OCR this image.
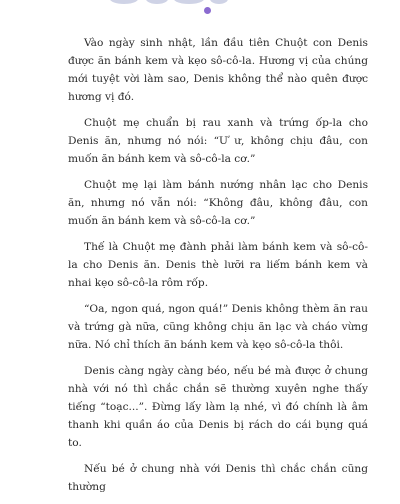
Vào ngày sinh nhật, lần đầu tiên Chuột con Denis được ăn bánh kem và kẹo sô-cô-la. Hương vị của chúng mới tuyệt vời làm sao, Denis không thể nào quên được hương vị đó.

Chuột mẹ chuẩn bị rau xanh và trứng ốp-la cho Denis ăn, nhưng nó nói: “Ư ư, không chịu đâu, con muốn ăn bánh kem và sô-cô-la cơ.”

Chuột mẹ lại làm bánh nướng nhân lạc cho Denis ăn, nhưng nó vẫn nói: “Không đâu, không đâu, con muốn ăn bánh kem và sô-cô-la cơ.”

Thế là Chuột mẹ đành phải làm bánh kem và sô-cô-la cho Denis ăn. Denis thè lưỡi ra liếm bánh kem và nhai kẹo sô-cô-la rôm rốp.

“Oa, ngon quá, ngon quá!” Denis không thèm ăn rau và trứng gà nữa, cũng không chịu ăn lạc và cháo vừng nữa. Nó chỉ thích ăn bánh kem và kẹo sô-cô-la thôi.

Denis càng ngày càng béo, nếu bé mà được ở chung nhà với nó thì chắc chắn sẽ thường xuyên nghe thấy tiếng “toạc...”. Đừng lấy làm lạ nhé, vì đó chính là âm thanh khi quần áo của Denis bị rách do cái bụng quá to.

Nếu bé ở chung nhà với Denis thì chắc chắn cũng thường
